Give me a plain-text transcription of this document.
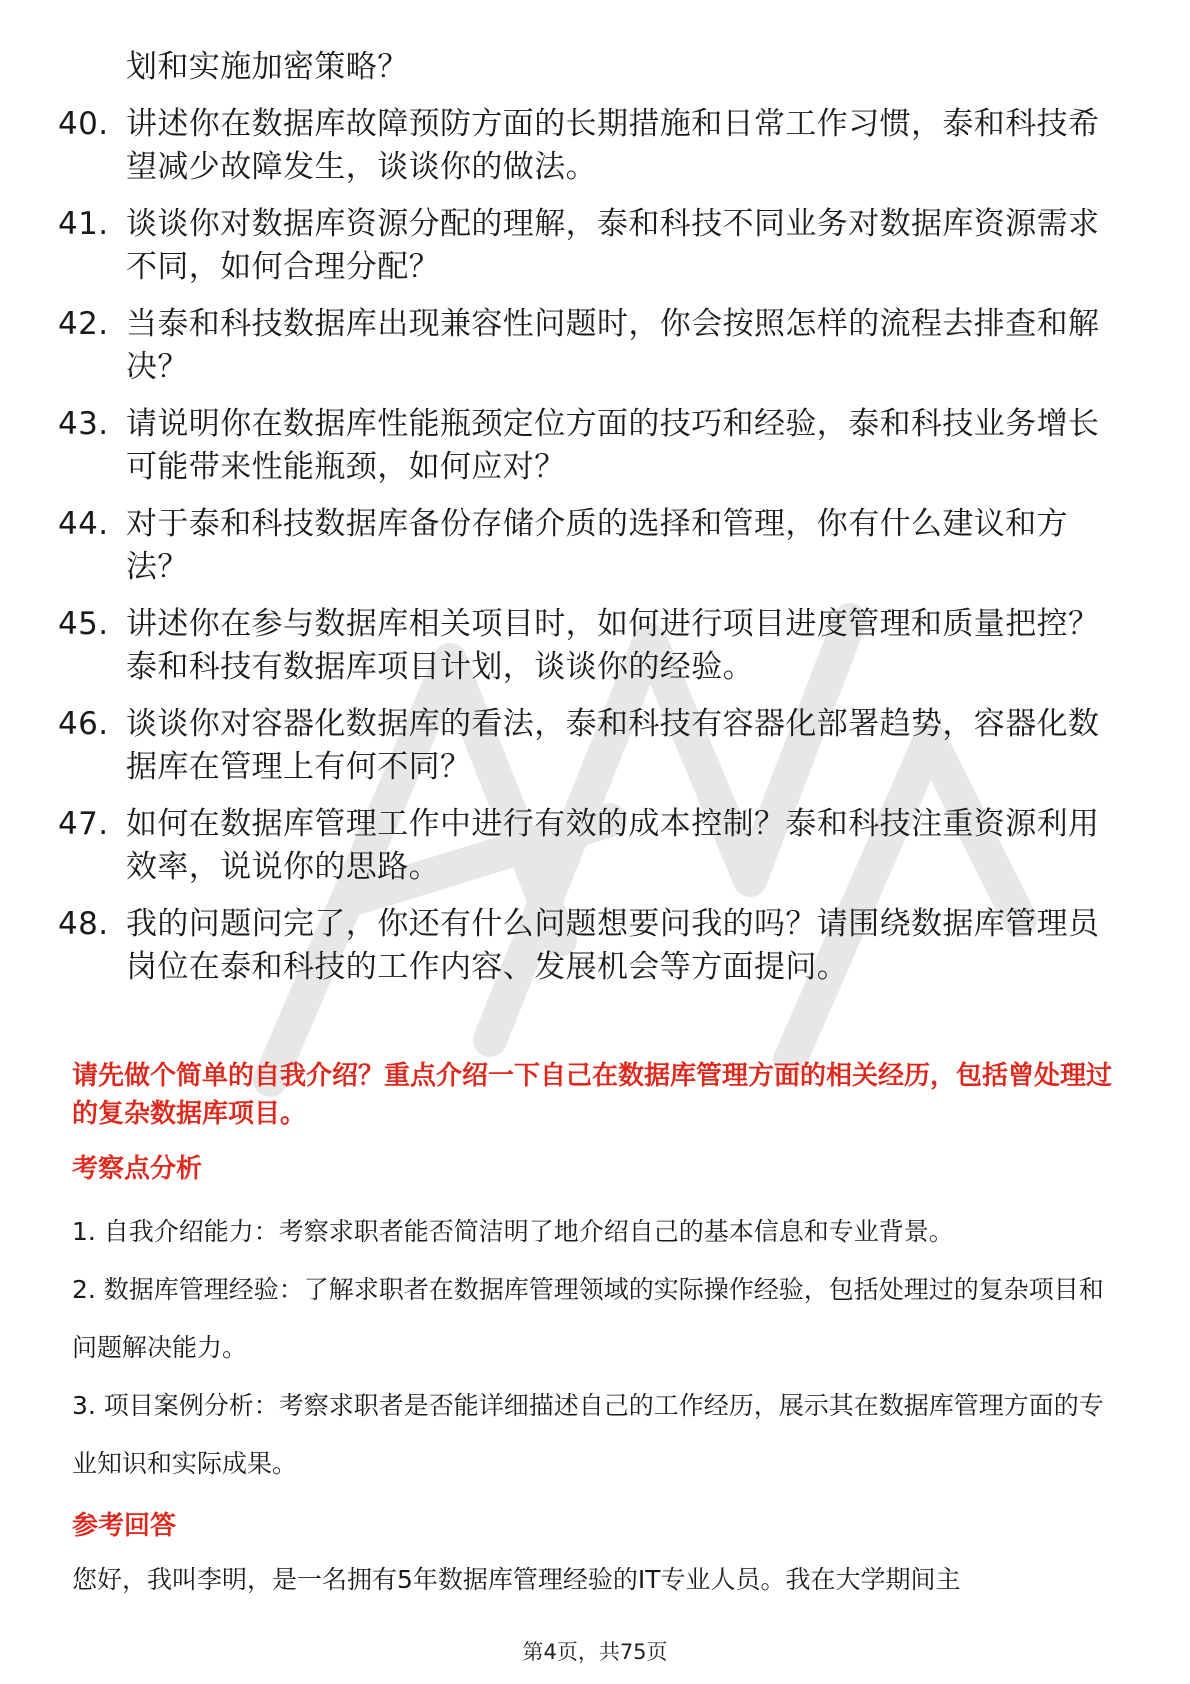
划和实施加密策略？
40. 讲述你在数据库故障预防方面的长期措施和日常工作习惯，泰和科技希望减少故障发生，谈谈你的做法。
41. 谈谈你对数据库资源分配的理解，泰和科技不同业务对数据库资源需求不同，如何合理分配？
42. 当泰和科技数据库出现兼容性问题时，你会按照怎样的流程去排查和解决？
43. 请说明你在数据库性能瓶颈定位方面的技巧和经验，泰和科技业务增长可能带来性能瓶颈，如何应对？
44. 对于泰和科技数据库备份存储介质的选择和管理，你有什么建议和方法？
45. 讲述你在参与数据库相关项目时，如何进行项目进度管理和质量把控？泰和科技有数据库项目计划，谈谈你的经验。
46. 谈谈你对容器化数据库的看法，泰和科技有容器化部署趋势，容器化数据库在管理上有何不同？
47. 如何在数据库管理工作中进行有效的成本控制？泰和科技注重资源利用效率，说说你的思路。
48. 我的问题问完了，你还有什么问题想要问我的吗？请围绕数据库管理员岗位在泰和科技的工作内容、发展机会等方面提问。

请先做个简单的自我介绍？重点介绍一下自己在数据库管理方面的相关经历，包括曾处理过的复杂数据库项目。

考察点分析
1. 自我介绍能力：考察求职者能否简洁明了地介绍自己的基本信息和专业背景。
2. 数据库管理经验：了解求职者在数据库管理领域的实际操作经验，包括处理过的复杂项目和问题解决能力。
3. 项目案例分析：考察求职者是否能详细描述自己的工作经历，展示其在数据库管理方面的专业知识和实际成果。
参考回答

您好，我叫李明，是一名拥有5年数据库管理经验的IT专业人员。我在大学期间主

第4页，共75页
